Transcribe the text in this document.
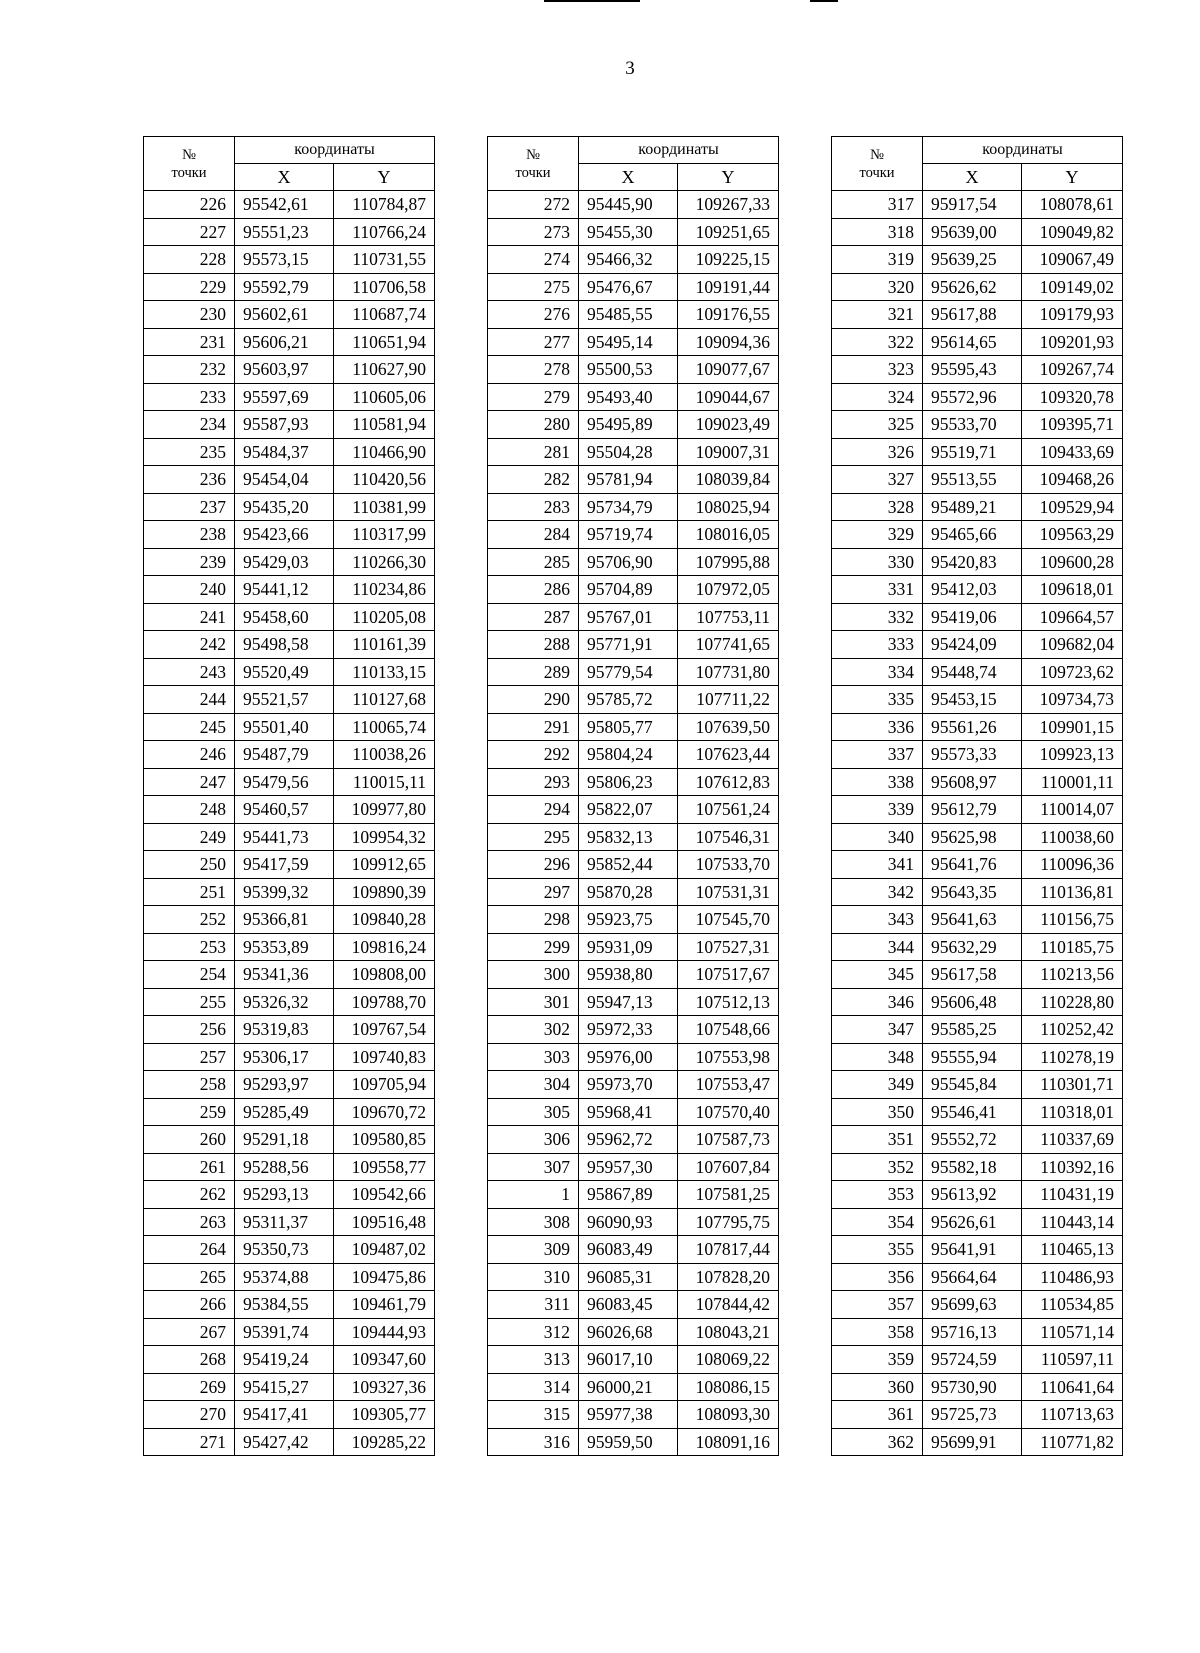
3
№
точки	координаты	
	X	Y
226	95542,61	110784,87
227	95551,23	110766,24
228	95573,15	110731,55
229	95592,79	110706,58
230	95602,61	110687,74
231	95606,21	110651,94
232	95603,97	110627,90
233	95597,69	110605,06
234	95587,93	110581,94
235	95484,37	110466,90
236	95454,04	110420,56
237	95435,20	110381,99
238	95423,66	110317,99
239	95429,03	110266,30
240	95441,12	110234,86
241	95458,60	110205,08
242	95498,58	110161,39
243	95520,49	110133,15
244	95521,57	110127,68
245	95501,40	110065,74
246	95487,79	110038,26
247	95479,56	110015,11
248	95460,57	109977,80
249	95441,73	109954,32
250	95417,59	109912,65
251	95399,32	109890,39
252	95366,81	109840,28
253	95353,89	109816,24
254	95341,36	109808,00
255	95326,32	109788,70
256	95319,83	109767,54
257	95306,17	109740,83
258	95293,97	109705,94
259	95285,49	109670,72
260	95291,18	109580,85
261	95288,56	109558,77
262	95293,13	109542,66
263	95311,37	109516,48
264	95350,73	109487,02
265	95374,88	109475,86
266	95384,55	109461,79
267	95391,74	109444,93
268	95419,24	109347,60
269	95415,27	109327,36
270	95417,41	109305,77
271	95427,42	109285,22
№
точки	координаты	
	X	Y
272	95445,90	109267,33
273	95455,30	109251,65
274	95466,32	109225,15
275	95476,67	109191,44
276	95485,55	109176,55
277	95495,14	109094,36
278	95500,53	109077,67
279	95493,40	109044,67
280	95495,89	109023,49
281	95504,28	109007,31
282	95781,94	108039,84
283	95734,79	108025,94
284	95719,74	108016,05
285	95706,90	107995,88
286	95704,89	107972,05
287	95767,01	107753,11
288	95771,91	107741,65
289	95779,54	107731,80
290	95785,72	107711,22
291	95805,77	107639,50
292	95804,24	107623,44
293	95806,23	107612,83
294	95822,07	107561,24
295	95832,13	107546,31
296	95852,44	107533,70
297	95870,28	107531,31
298	95923,75	107545,70
299	95931,09	107527,31
300	95938,80	107517,67
301	95947,13	107512,13
302	95972,33	107548,66
303	95976,00	107553,98
304	95973,70	107553,47
305	95968,41	107570,40
306	95962,72	107587,73
307	95957,30	107607,84
1	95867,89	107581,25
308	96090,93	107795,75
309	96083,49	107817,44
310	96085,31	107828,20
311	96083,45	107844,42
312	96026,68	108043,21
313	96017,10	108069,22
314	96000,21	108086,15
315	95977,38	108093,30
316	95959,50	108091,16
№
точки	координаты	
	X	Y
317	95917,54	108078,61
318	95639,00	109049,82
319	95639,25	109067,49
320	95626,62	109149,02
321	95617,88	109179,93
322	95614,65	109201,93
323	95595,43	109267,74
324	95572,96	109320,78
325	95533,70	109395,71
326	95519,71	109433,69
327	95513,55	109468,26
328	95489,21	109529,94
329	95465,66	109563,29
330	95420,83	109600,28
331	95412,03	109618,01
332	95419,06	109664,57
333	95424,09	109682,04
334	95448,74	109723,62
335	95453,15	109734,73
336	95561,26	109901,15
337	95573,33	109923,13
338	95608,97	110001,11
339	95612,79	110014,07
340	95625,98	110038,60
341	95641,76	110096,36
342	95643,35	110136,81
343	95641,63	110156,75
344	95632,29	110185,75
345	95617,58	110213,56
346	95606,48	110228,80
347	95585,25	110252,42
348	95555,94	110278,19
349	95545,84	110301,71
350	95546,41	110318,01
351	95552,72	110337,69
352	95582,18	110392,16
353	95613,92	110431,19
354	95626,61	110443,14
355	95641,91	110465,13
356	95664,64	110486,93
357	95699,63	110534,85
358	95716,13	110571,14
359	95724,59	110597,11
360	95730,90	110641,64
361	95725,73	110713,63
362	95699,91	110771,82
